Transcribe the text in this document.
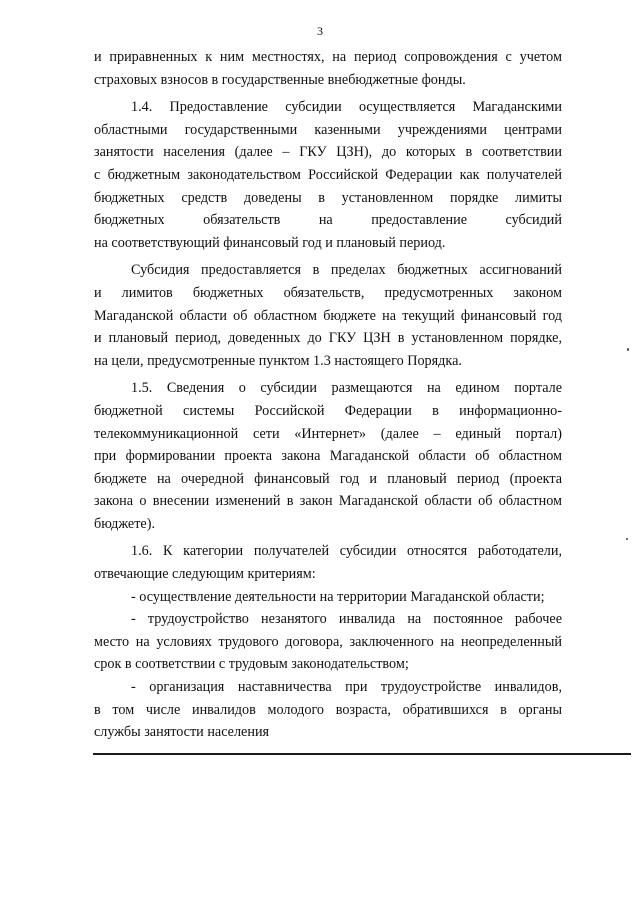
3

и приравненных к ним местностях, на период сопровождения с учетом
страховых взносов в государственные внебюджетные фонды.

1.4. Предоставление субсидии осуществляется Магаданскими
областными государственными казенными учреждениями центрами
занятости населения (далее – ГКУ ЦЗН), до которых в соответствии
с бюджетным законодательством Российской Федерации как получателей
бюджетных средств доведены в установленном порядке лимиты
бюджетных обязательств на предоставление субсидий
на соответствующий финансовый год и плановый период.

Субсидия предоставляется в пределах бюджетных ассигнований
и лимитов бюджетных обязательств, предусмотренных законом
Магаданской области об областном бюджете на текущий финансовый год
и плановый период, доведенных до ГКУ ЦЗН в установленном порядке,
на цели, предусмотренные пунктом 1.3 настоящего Порядка.

1.5. Сведения о субсидии размещаются на едином портале
бюджетной системы Российской Федерации в информационно-
телекоммуникационной сети «Интернет» (далее – единый портал)
при формировании проекта закона Магаданской области об областном
бюджете на очередной финансовый год и плановый период (проекта
закона о внесении изменений в закон Магаданской области об областном
бюджете).

1.6. К категории получателей субсидии относятся работодатели,
отвечающие следующим критериям:

- осуществление деятельности на территории Магаданской области;

- трудоустройство незанятого инвалида на постоянное рабочее
место на условиях трудового договора, заключенного на неопределенный
срок в соответствии с трудовым законодательством;

- организация наставничества при трудоустройстве инвалидов,
в том числе инвалидов молодого возраста, обратившихся в органы
службы занятости населения
